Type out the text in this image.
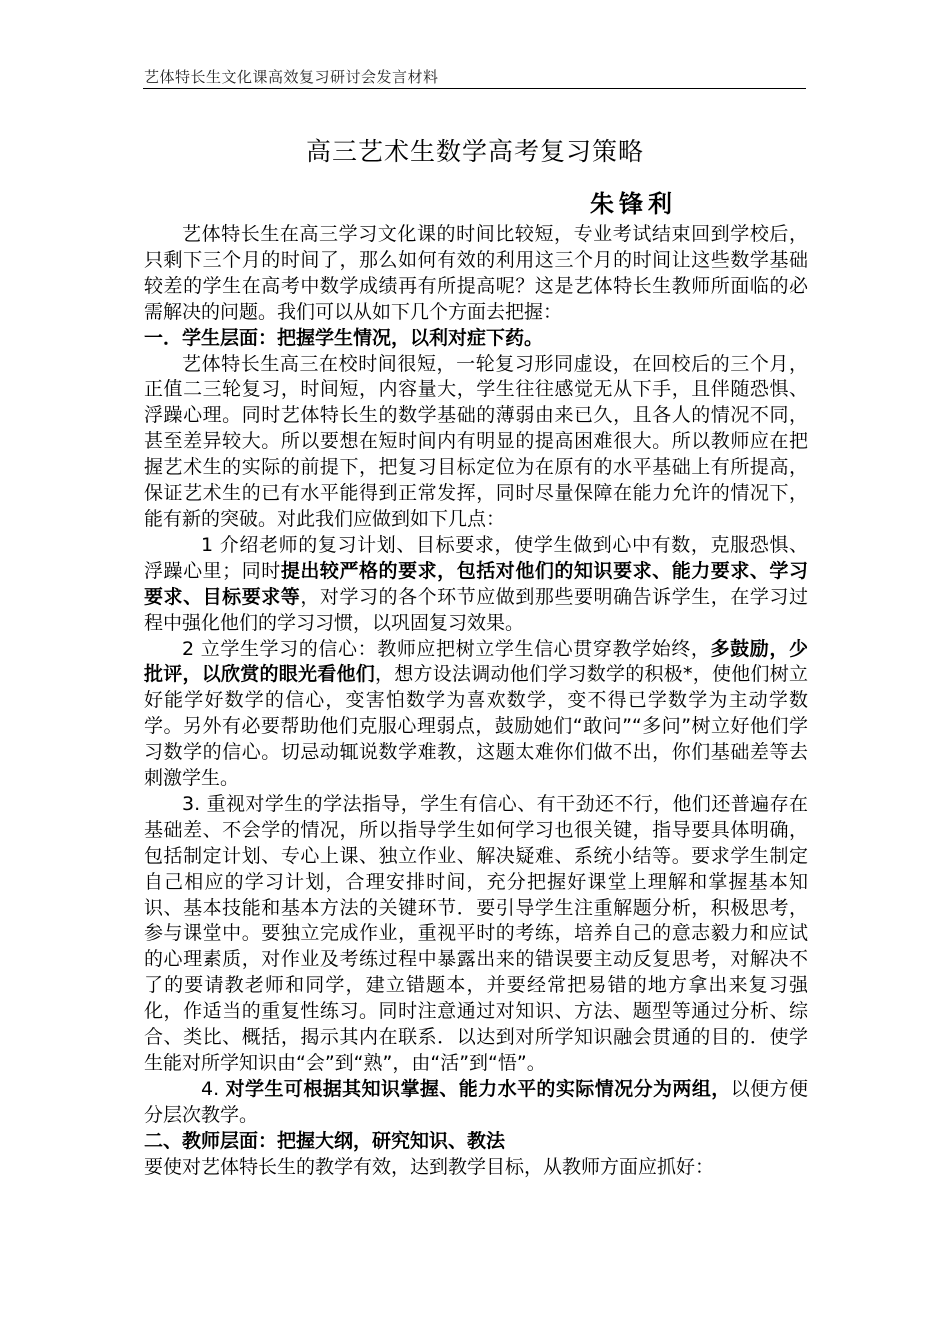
艺体特长生文化课高效复习研讨会发言材料
高三艺术生数学高考复习策略
朱锋利

艺体特长生在高三学习文化课的时间比较短，专业考试结束回到学校后，只剩下三个月的时间了，那么如何有效的利用这三个月的时间让这些数学基础较差的学生在高考中数学成绩再有所提高呢？这是艺体特长生教师所面临的必需解决的问题。我们可以从如下几个方面去把握：

一．学生层面：把握学生情况，以利对症下药。

艺体特长生高三在校时间很短，一轮复习形同虚设，在回校后的三个月，正值二三轮复习，时间短，内容量大，学生往往感觉无从下手，且伴随恐惧、浮躁心理。同时艺体特长生的数学基础的薄弱由来已久，且各人的情况不同，甚至差异较大。所以要想在短时间内有明显的提高困难很大。所以教师应在把握艺术生的实际的前提下，把复习目标定位为在原有的水平基础上有所提高，保证艺术生的已有水平能得到正常发挥，同时尽量保障在能力允许的情况下，能有新的突破。对此我们应做到如下几点：

1 介绍老师的复习计划、目标要求，使学生做到心中有数，克服恐惧、浮躁心里；同时提出较严格的要求，包括对他们的知识要求、能力要求、学习要求、目标要求等，对学习的各个环节应做到那些要明确告诉学生，在学习过程中强化他们的学习习惯，以巩固复习效果。

2 立学生学习的信心：教师应把树立学生信心贯穿教学始终，多鼓励，少批评，以欣赏的眼光看他们，想方设法调动他们学习数学的积极*，使他们树立好能学好数学的信心，变害怕数学为喜欢数学，变不得已学数学为主动学数学。另外有必要帮助他们克服心理弱点，鼓励她们“敢问”“多问”树立好他们学习数学的信心。切忌动辄说数学难教，这题太难你们做不出，你们基础差等去刺激学生。

3. 重视对学生的学法指导，学生有信心、有干劲还不行，他们还普遍存在基础差、不会学的情况，所以指导学生如何学习也很关键，指导要具体明确，包括制定计划、专心上课、独立作业、解决疑难、系统小结等。要求学生制定自己相应的学习计划，合理安排时间，充分把握好课堂上理解和掌握基本知识、基本技能和基本方法的关键环节．要引导学生注重解题分析，积极思考，参与课堂中。要独立完成作业，重视平时的考练，培养自己的意志毅力和应试的心理素质，对作业及考练过程中暴露出来的错误要主动反复思考，对解决不了的要请教老师和同学，建立错题本，并要经常把易错的地方拿出来复习强化，作适当的重复性练习。同时注意通过对知识、方法、题型等通过分析、综合、类比、概括，揭示其内在联系．以达到对所学知识融会贯通的目的．使学生能对所学知识由“会”到“熟”，由“活”到“悟”。

4. 对学生可根据其知识掌握、能力水平的实际情况分为两组，以便方便分层次教学。

二、教师层面：把握大纲，研究知识、教法

要使对艺体特长生的教学有效，达到教学目标，从教师方面应抓好：
